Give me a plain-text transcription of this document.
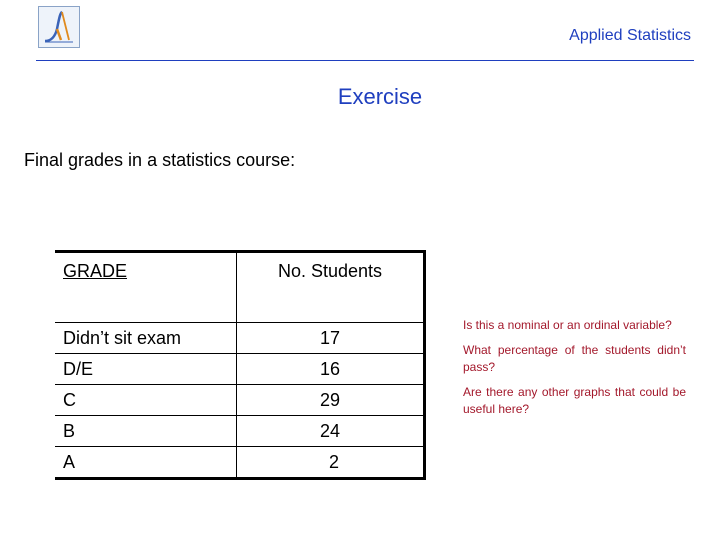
Applied Statistics
Exercise
Final grades in a statistics course:
GRADE	No. Students
Didn’t sit exam	17
D/E	16
C	29
B	24
A	2

Is this a nominal or an ordinal variable?

What percentage of the students didn’t pass?

Are there any other graphs that could be useful here?
